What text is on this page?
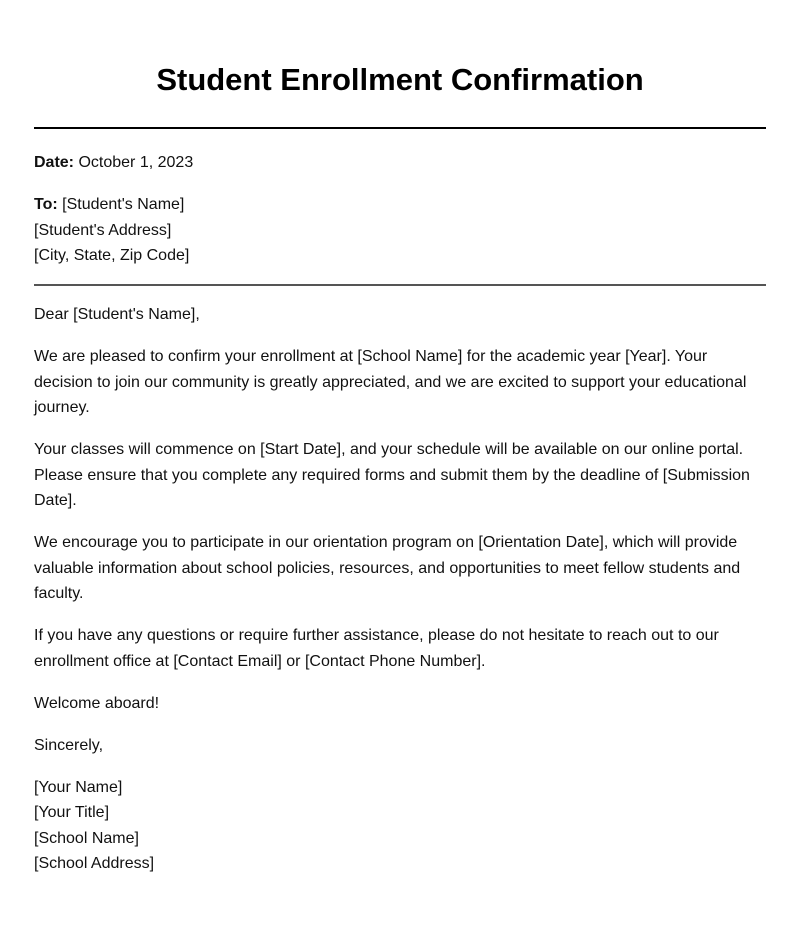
Student Enrollment Confirmation
Date: October 1, 2023

To: [Student's Name]

[Student's Address]

[City, State, Zip Code]

Dear [Student's Name],

We are pleased to confirm your enrollment at [School Name] for the academic year [Year]. Your decision to join our community is greatly appreciated, and we are excited to support your educational journey.

Your classes will commence on [Start Date], and your schedule will be available on our online portal. Please ensure that you complete any required forms and submit them by the deadline of [Submission Date].

We encourage you to participate in our orientation program on [Orientation Date], which will provide valuable information about school policies, resources, and opportunities to meet fellow students and faculty.

If you have any questions or require further assistance, please do not hesitate to reach out to our enrollment office at [Contact Email] or [Contact Phone Number].

Welcome aboard!

Sincerely,

[Your Name]

[Your Title]

[School Name]

[School Address]
